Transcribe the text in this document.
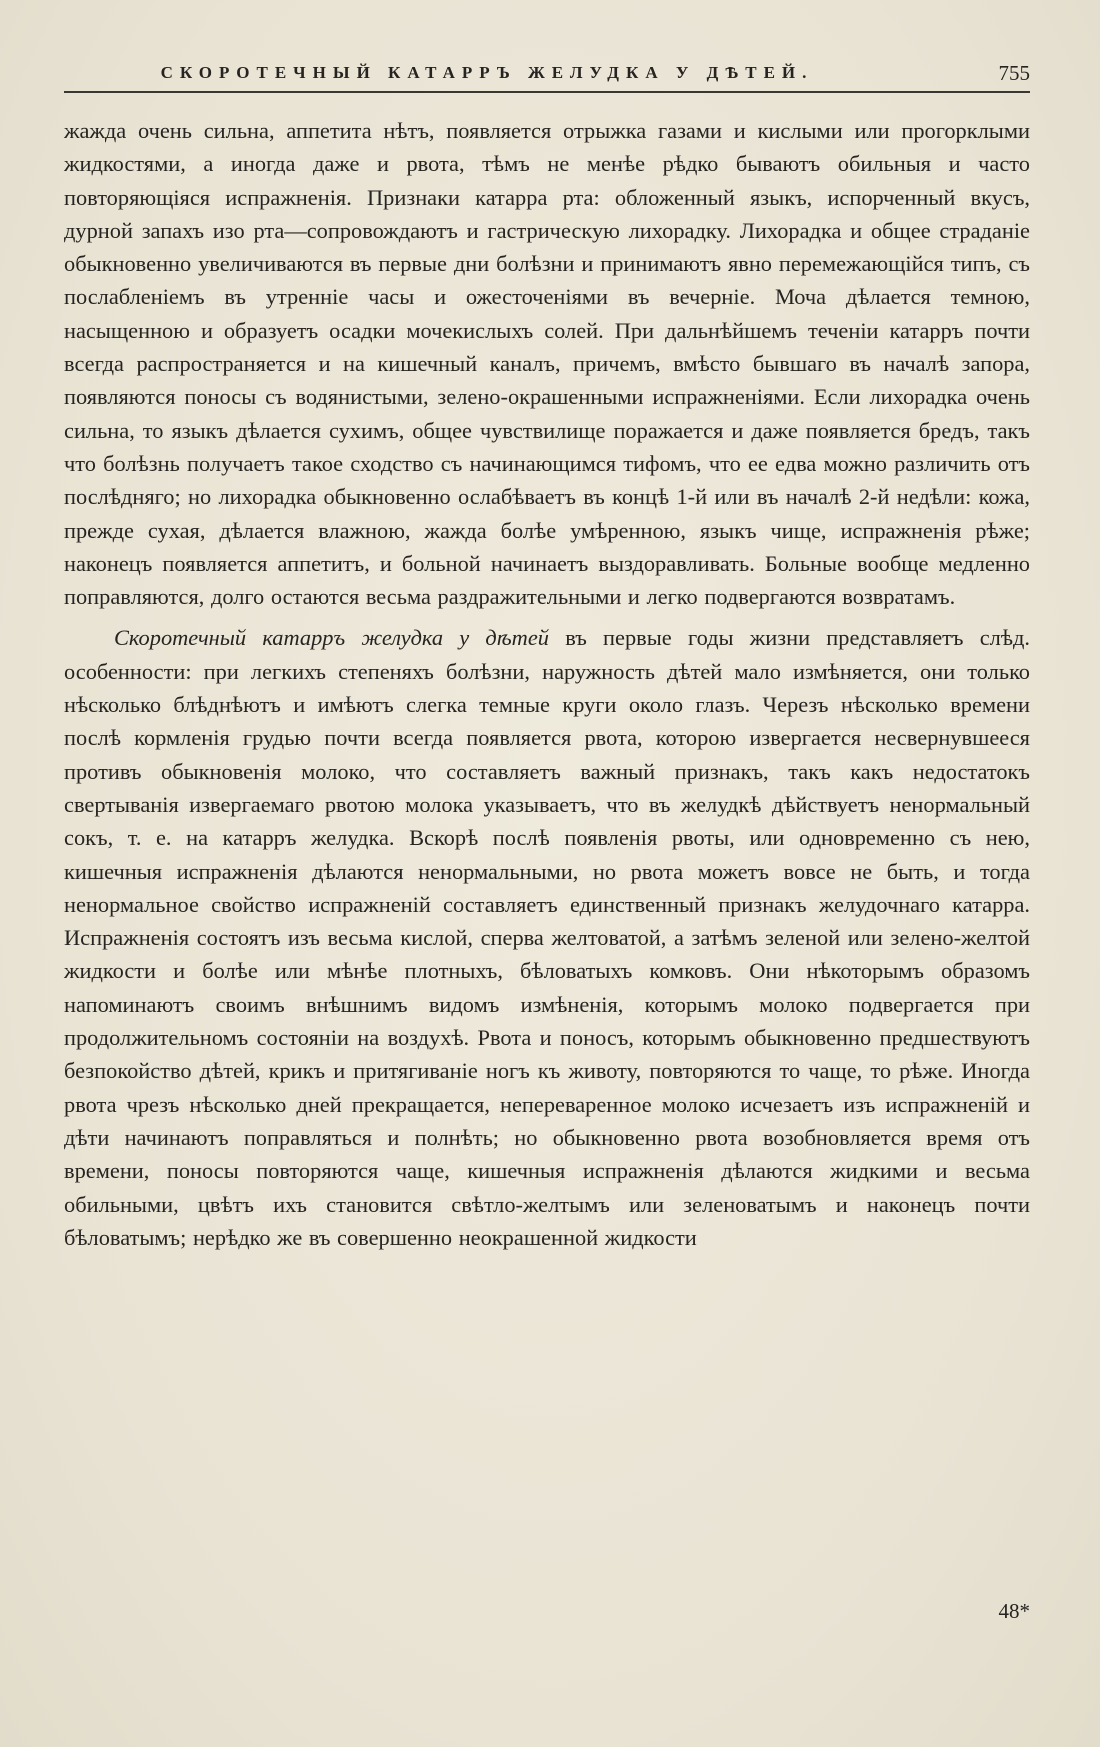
СКОРОТЕЧНЫЙ КАТАРРЪ ЖЕЛУДКА У ДѢТЕЙ.	755

жажда очень сильна, аппетита нѣтъ, появляется отрыжка газами и кислыми или прогорклыми жидкостями, а иногда даже и рвота, тѣмъ не менѣе рѣдко бываютъ обильныя и часто повторяющіяся испражненія. Признаки катарра рта: обложенный языкъ, испорченный вкусъ, дурной запахъ изо рта—сопровождаютъ и гастрическую лихорадку. Лихорадка и общее страданіе обыкновенно увеличиваются въ первые дни болѣзни и принимаютъ явно перемежающійся типъ, съ послабленіемъ въ утренніе часы и ожесточеніями въ вечерніе. Моча дѣлается темною, насыщенною и образуетъ осадки мочекислыхъ солей. При дальнѣйшемъ теченіи катарръ почти всегда распространяется и на кишечный каналъ, причемъ, вмѣсто бывшаго въ началѣ запора, появляются поносы съ водянистыми, зелено-окрашенными испражненіями. Если лихорадка очень сильна, то языкъ дѣлается сухимъ, общее чувствилище поражается и даже появляется бредъ, такъ что болѣзнь получаетъ такое сходство съ начинающимся тифомъ, что ее едва можно различить отъ послѣдняго; но лихорадка обыкновенно ослабѣваетъ въ концѣ 1-й или въ началѣ 2-й недѣли: кожа, прежде сухая, дѣлается влажною, жажда болѣе умѣренною, языкъ чище, испражненія рѣже; наконецъ появляется аппетитъ, и больной начинаетъ выздоравливать. Больные вообще медленно поправляются, долго остаются весьма раздражительными и легко подвергаются возвратамъ.

Скоротечный катарръ желудка у дѣтей въ первые годы жизни представляетъ слѣд. особенности: при легкихъ степеняхъ болѣзни, наружность дѣтей мало измѣняется, они только нѣсколько блѣднѣютъ и имѣютъ слегка темные круги около глазъ. Черезъ нѣсколько времени послѣ кормленія грудью почти всегда появляется рвота, которою извергается несвернувшееся противъ обыкновенія молоко, что составляетъ важный признакъ, такъ какъ недостатокъ свертыванія извергаемаго рвотою молока указываетъ, что въ желудкѣ дѣйствуетъ ненормальный сокъ, т. е. на катарръ желудка. Вскорѣ послѣ появленія рвоты, или одновременно съ нею, кишечныя испражненія дѣлаются ненормальными, но рвота можетъ вовсе не быть, и тогда ненормальное свойство испражненій составляетъ единственный признакъ желудочнаго катарра. Испражненія состоятъ изъ весьма кислой, сперва желтоватой, а затѣмъ зеленой или зелено-желтой жидкости и болѣе или мѣнѣе плотныхъ, бѣловатыхъ комковъ. Они нѣкоторымъ образомъ напоминаютъ своимъ внѣшнимъ видомъ измѣненія, которымъ молоко подвергается при продолжительномъ состояніи на воздухѣ. Рвота и поносъ, которымъ обыкновенно предшествуютъ безпокойство дѣтей, крикъ и притягиваніе ногъ къ животу, повторяются то чаще, то рѣже. Иногда рвота чрезъ нѣсколько дней прекращается, непереваренное молоко исчезаетъ изъ испражненій и дѣти начинаютъ поправляться и полнѣть; но обыкновенно рвота возобновляется время отъ времени, поносы повторяются чаще, кишечныя испражненія дѣлаются жидкими и весьма обильными, цвѣтъ ихъ становится свѣтло-желтымъ или зеленоватымъ и наконецъ почти бѣловатымъ; нерѣдко же въ совершенно неокрашенной жидкости

48*
